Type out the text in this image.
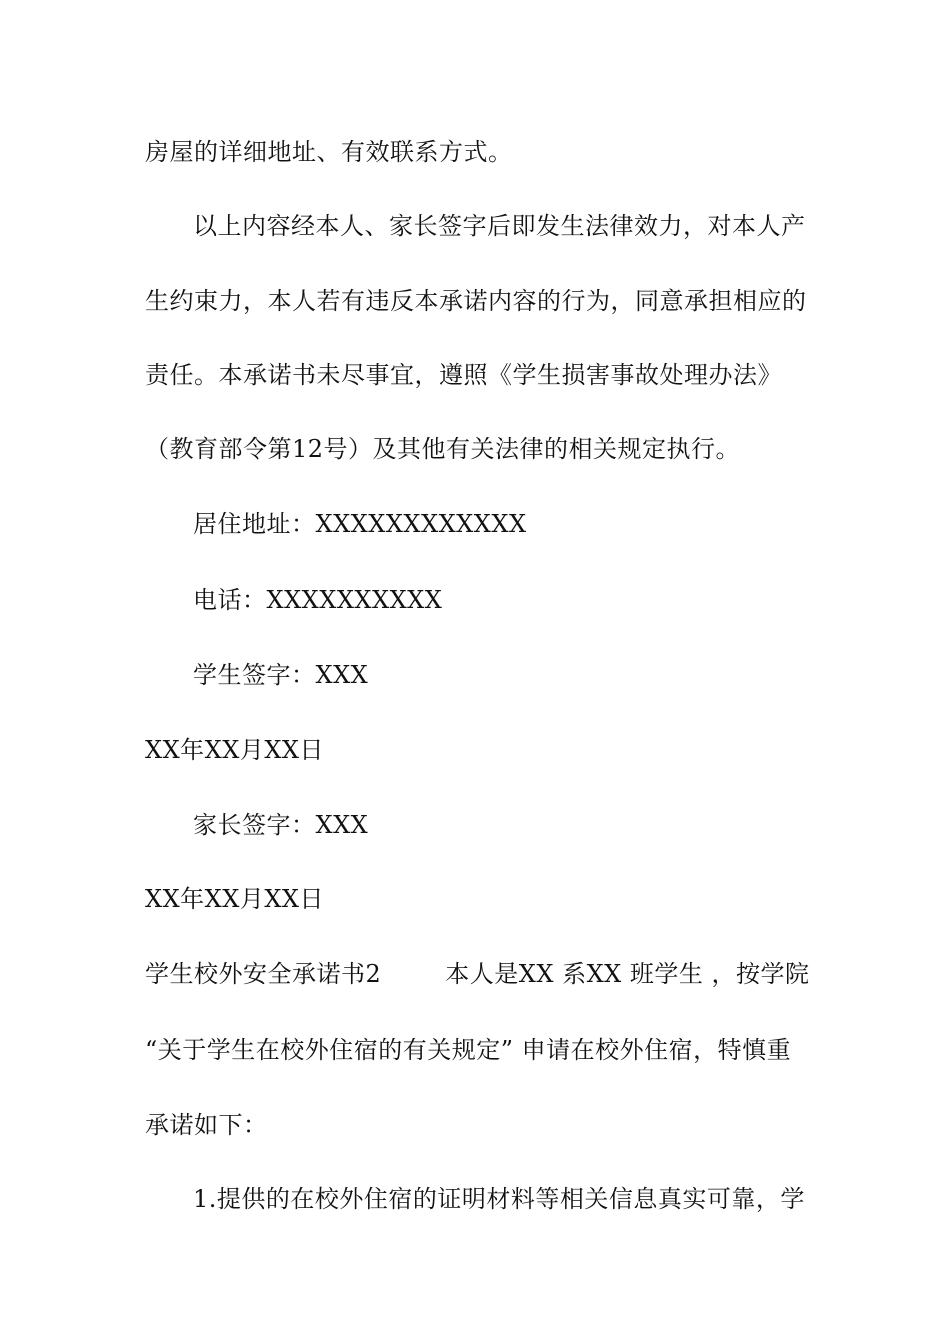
房屋的详细地址、有效联系方式。
以上内容经本人、家长签字后即发生法律效力，对本人产
生约束力，本人若有违反本承诺内容的行为，同意承担相应的
责任。本承诺书未尽事宜，遵照《学生损害事故处理办法》
（教育部令第12号）及其他有关法律的相关规定执行。
居住地址：XXXXXXXXXXXX
电话：XXXXXXXXXX
学生签字：XXX
XX年XX月XX日
家长签字：XXX
XX年XX月XX日
学生校外安全承诺书2	本人是XX 系XX 班学生 ，按学院
“关于学生在校外住宿的有关规定” 申请在校外住宿，特慎重
承诺如下：
1.提供的在校外住宿的证明材料等相关信息真实可靠，学
